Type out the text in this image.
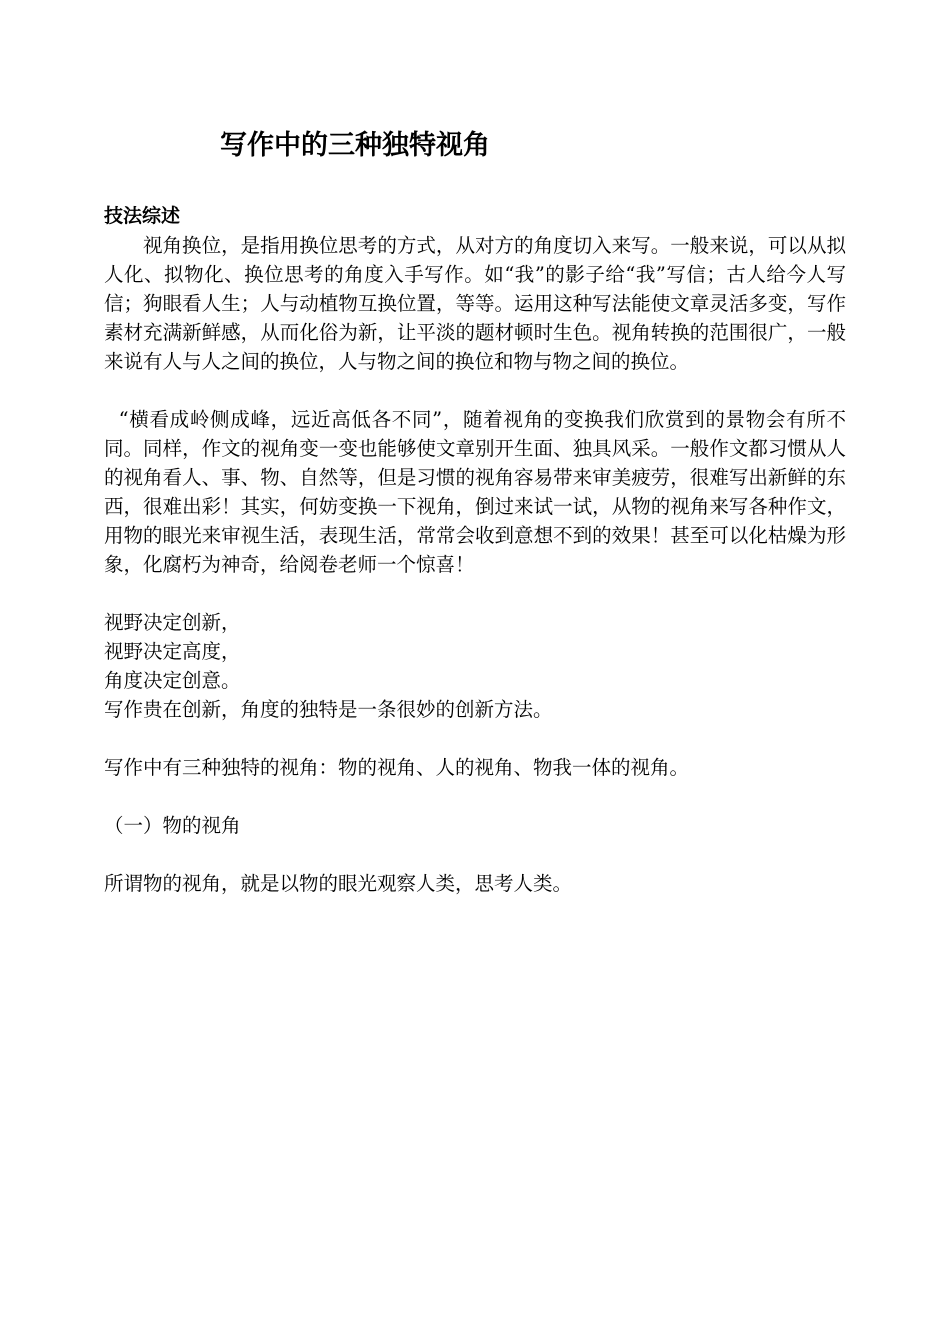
写作中的三种独特视角

技法综述

视角换位，是指用换位思考的方式，从对方的角度切入来写。一般来说，可以从拟人化、拟物化、换位思考的角度入手写作。如“我”的影子给“我”写信；古人给今人写信；狗眼看人生；人与动植物互换位置，等等。运用这种写法能使文章灵活多变，写作素材充满新鲜感，从而化俗为新，让平淡的题材顿时生色。视角转换的范围很广，一般来说有人与人之间的换位，人与物之间的换位和物与物之间的换位。

“横看成岭侧成峰，远近高低各不同”，随着视角的变换我们欣赏到的景物会有所不同。同样，作文的视角变一变也能够使文章别开生面、独具风采。一般作文都习惯从人的视角看人、事、物、自然等，但是习惯的视角容易带来审美疲劳，很难写出新鲜的东西，很难出彩！其实，何妨变换一下视角，倒过来试一试，从物的视角来写各种作文，用物的眼光来审视生活，表现生活，常常会收到意想不到的效果！甚至可以化枯燥为形象，化腐朽为神奇，给阅卷老师一个惊喜！

视野决定创新，

视野决定高度，

角度决定创意。

写作贵在创新，角度的独特是一条很妙的创新方法。

写作中有三种独特的视角：物的视角、人的视角、物我一体的视角。

（一）物的视角

所谓物的视角，就是以物的眼光观察人类，思考人类。
